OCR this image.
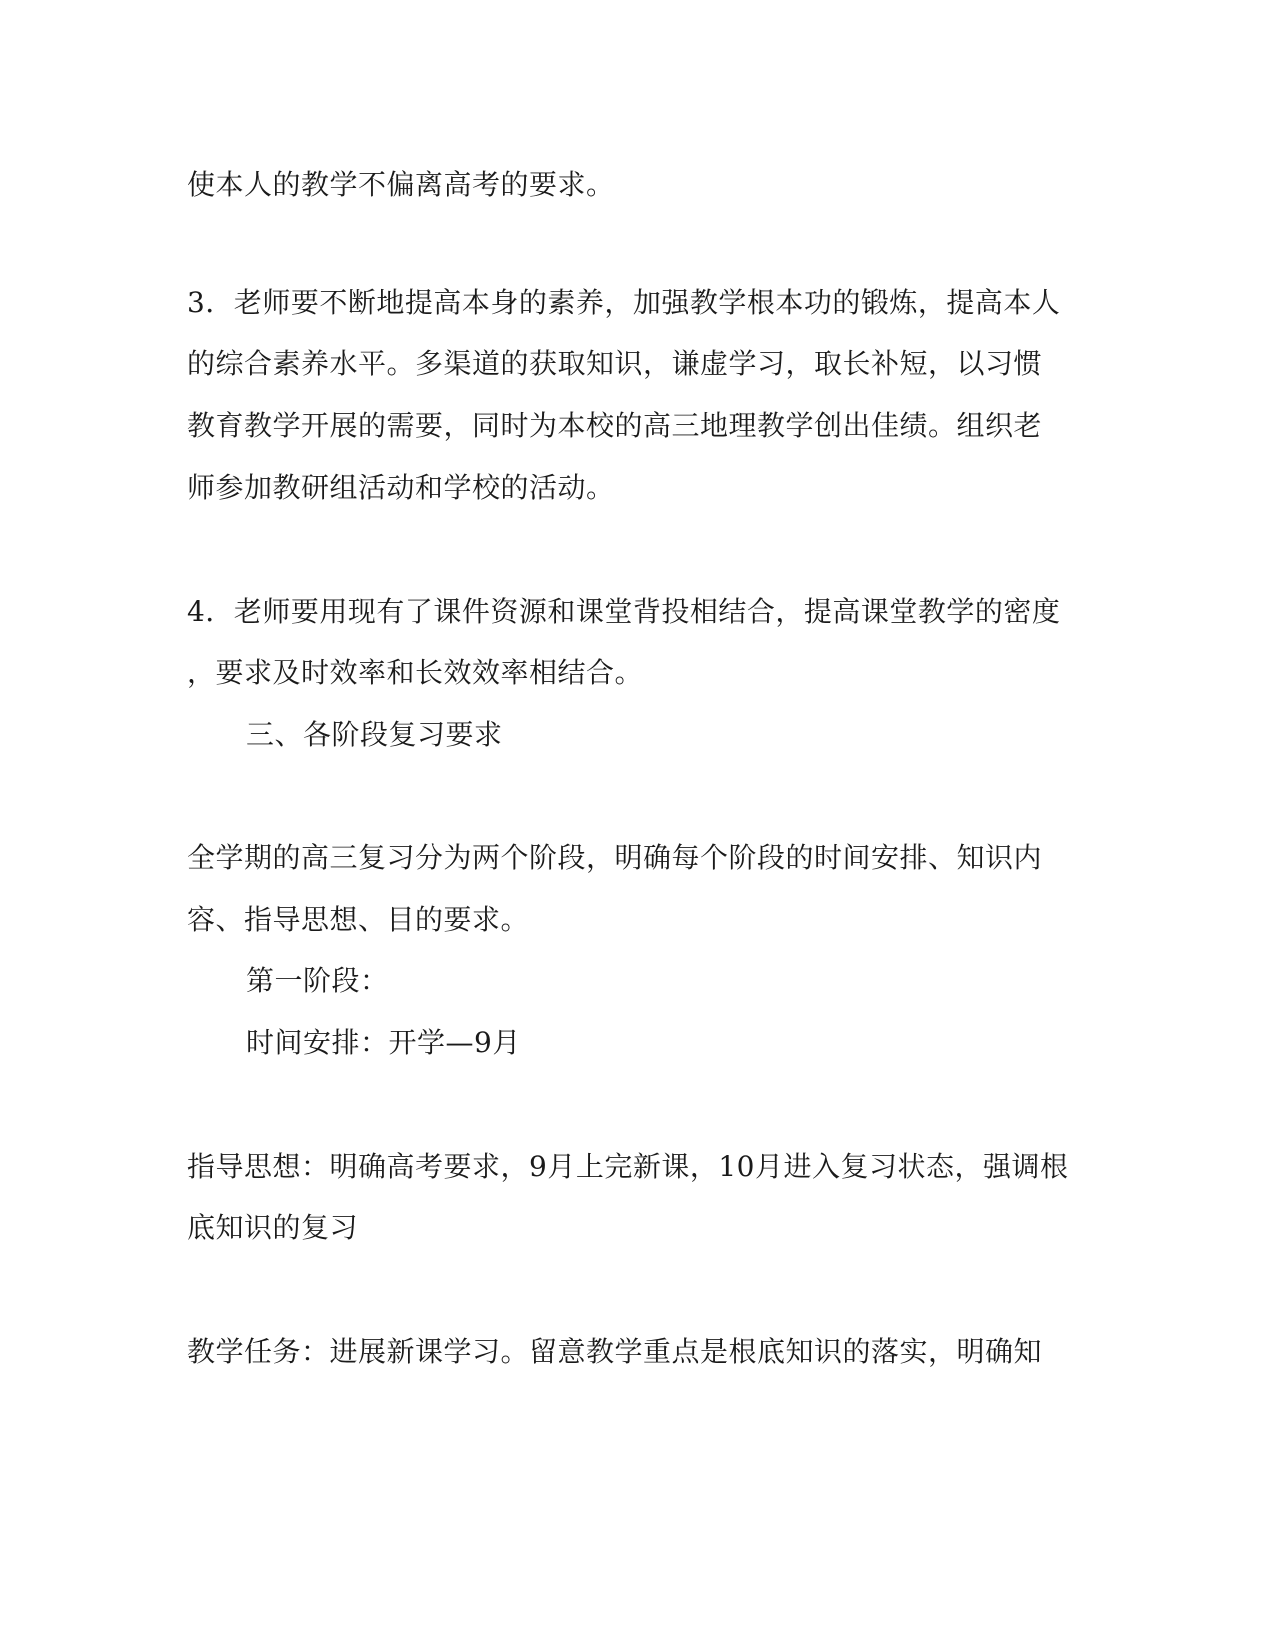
使本人的教学不偏离高考的要求。
3．老师要不断地提高本身的素养，加强教学根本功的锻炼，提高本人
的综合素养水平。多渠道的获取知识，谦虚学习，取长补短，以习惯
教育教学开展的需要，同时为本校的高三地理教学创出佳绩。组织老
师参加教研组活动和学校的活动。
4．老师要用现有了课件资源和课堂背投相结合，提高课堂教学的密度
，要求及时效率和长效效率相结合。
三、各阶段复习要求
全学期的高三复习分为两个阶段，明确每个阶段的时间安排、知识内
容、指导思想、目的要求。
第一阶段：
时间安排：开学—9月
指导思想：明确高考要求，9月上完新课，10月进入复习状态，强调根
底知识的复习
教学任务：进展新课学习。留意教学重点是根底知识的落实，明确知
